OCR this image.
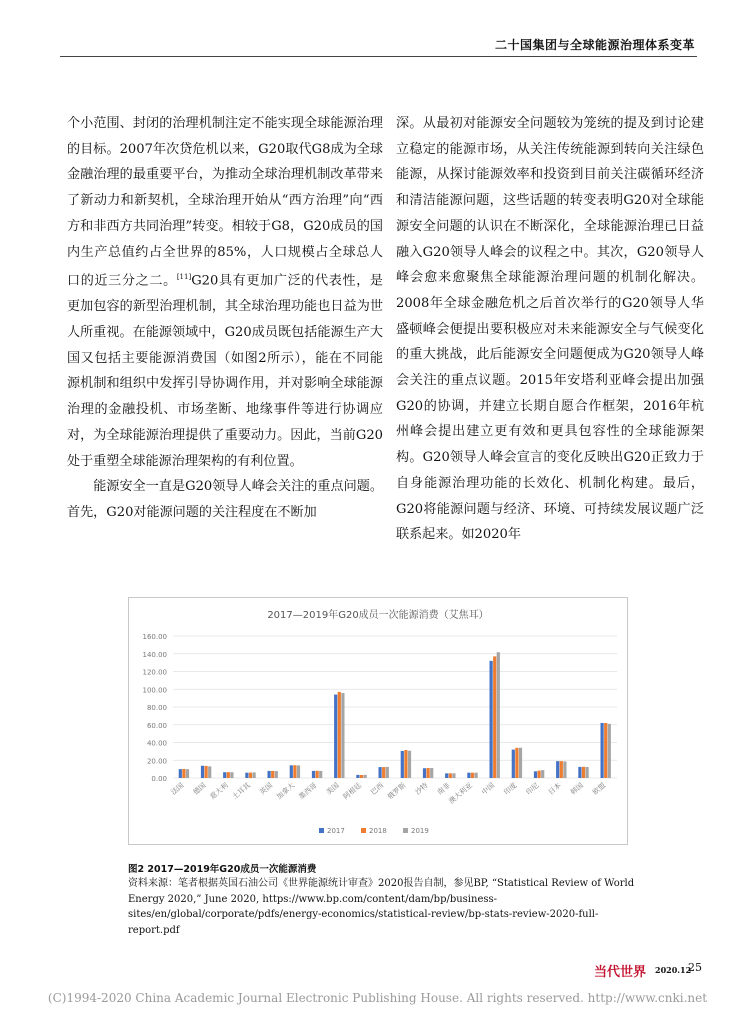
二十国集团与全球能源治理体系变革

个小范围、封闭的治理机制注定不能实现全球能源治理的目标。2007年次贷危机以来，G20取代G8成为全球金融治理的最重要平台，为推动全球治理机制改革带来了新动力和新契机，全球治理开始从“西方治理”向“西方和非西方共同治理”转变。相较于G8，G20成员的国内生产总值约占全世界的85%，人口规模占全球总人口的近三分之二。[11]G20具有更加广泛的代表性，是更加包容的新型治理机制，其全球治理功能也日益为世人所重视。在能源领域中，G20成员既包括能源生产大国又包括主要能源消费国（如图2所示），能在不同能源机制和组织中发挥引导协调作用，并对影响全球能源治理的金融投机、市场垄断、地缘事件等进行协调应对，为全球能源治理提供了重要动力。因此，当前G20处于重塑全球能源治理架构的有利位置。

能源安全一直是G20领导人峰会关注的重点问题。首先，G20对能源问题的关注程度在不断加

深。从最初对能源安全问题较为笼统的提及到讨论建立稳定的能源市场，从关注传统能源到转向关注绿色能源，从探讨能源效率和投资到目前关注碳循环经济和清洁能源问题，这些话题的转变表明G20对全球能源安全问题的认识在不断深化，全球能源治理已日益融入G20领导人峰会的议程之中。其次，G20领导人峰会愈来愈聚焦全球能源治理问题的机制化解决。2008年全球金融危机之后首次举行的G20领导人华盛顿峰会便提出要积极应对未来能源安全与气候变化的重大挑战，此后能源安全问题便成为G20领导人峰会关注的重点议题。2015年安塔利亚峰会提出加强G20的协调，并建立长期自愿合作框架，2016年杭州峰会提出建立更有效和更具包容性的全球能源架构。G20领导人峰会宣言的变化反映出G20正致力于自身能源治理功能的长效化、机制化构建。最后，G20将能源问题与经济、环境、可持续发展议题广泛联系起来。如2020年

2017—2019年G20成员一次能源消费（艾焦耳）
0.00
20.00
40.00
60.00
80.00
100.00
120.00
140.00
160.00
法国 德国 意大利 土耳其 英国 加拿大 墨西哥 美国 阿根廷 巴西 俄罗斯 沙特 南非
澳大利亚 中国 印度 印尼 日本 韩国 欧盟
2017	2018	2019
图2 2017—2019年G20成员一次能源消费
资料来源：笔者根据英国石油公司《世界能源统计审查》2020报告自制，参见BP, “Statistical Review of World Energy 2020,” June 2020, https://www.bp.com/content/dam/bp/business-sites/en/global/corporate/pdfs/energy-economics/statistical-review/bp-stats-review-2020-full-report.pdf
当代世界 2020.12
25
(C)1994-2020 China Academic Journal Electronic Publishing House. All rights reserved. http://www.cnki.net
